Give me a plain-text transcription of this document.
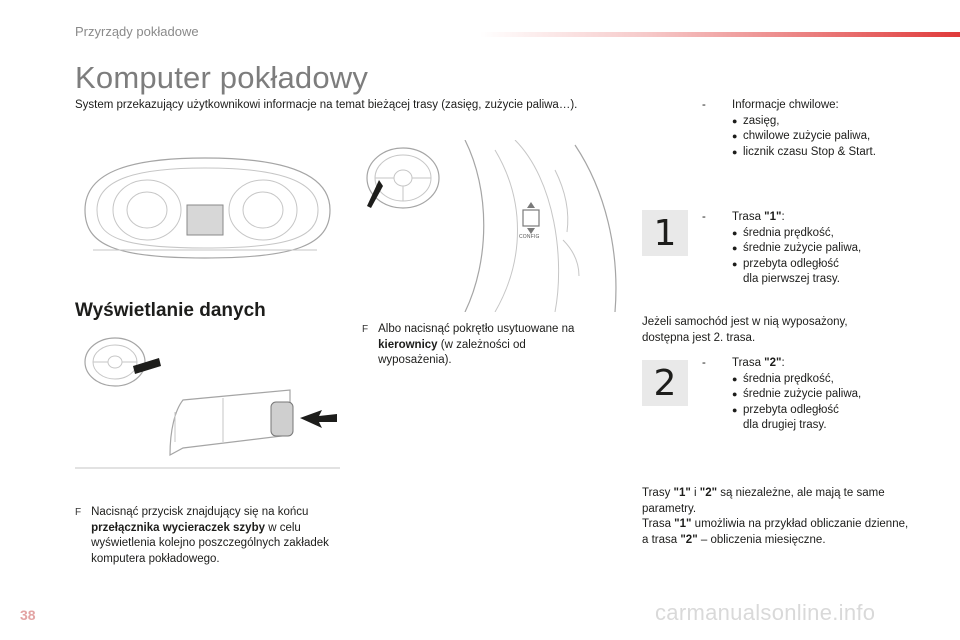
Przyrządy pokładowe
Komputer pokładowy
System przekazujący użytkownikowi informacje na temat bieżącej trasy (zasięg, zużycie paliwa…).
CONFIG
Wyświetlanie danych
F Nacisnąć przycisk znajdujący się na końcu przełącznika wycieraczek szyby w celu wyświetlenia kolejno poszczególnych zakładek komputera pokładowego.
F Albo nacisnąć pokrętło usytuowane na kierownicy (w zależności od wyposażenia).
-	Informacje chwilowe:
● zasięg,
● chwilowe zużycie paliwa,
● licznik czasu Stop & Start.
1	-	Trasa "1":
● średnia prędkość,
● średnie zużycie paliwa,
● przebyta odległość
dla pierwszej trasy.
Jeżeli samochód jest w nią wyposażony, dostępna jest 2. trasa.
2	-	Trasa "2":
● średnia prędkość,
● średnie zużycie paliwa,
● przebyta odległość
dla drugiej trasy.
Trasy "1" i "2" są niezależne, ale mają te same parametry.
Trasa "1" umożliwia na przykład obliczanie dzienne, a trasa "2" – obliczenia miesięczne.
38	carmanualsonline.info
